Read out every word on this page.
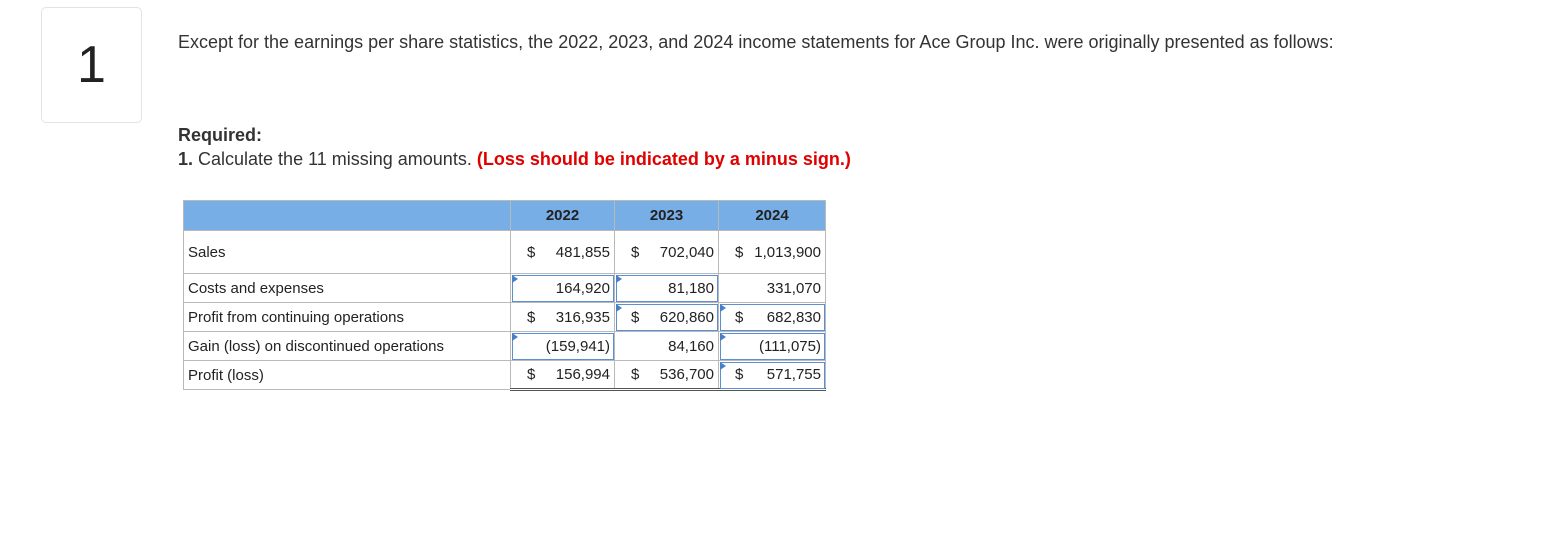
1	Except for the earnings per share statistics, the 2022, 2023, and 2024 income statements for Ace Group Inc. were originally presented as follows:
Required:
1. Calculate the 11 missing amounts. (Loss should be indicated by a minus sign.)
	2022	2023	2024
Sales	$ 481,855	$ 702,040	$ 1,013,900
Costs and expenses	164,920	81,180	331,070
Profit from continuing operations	$ 316,935	$ 620,860	$ 682,830
Gain (loss) on discontinued operations	(159,941)	84,160	(111,075)
Profit (loss)	$ 156,994	$ 536,700	$ 571,755
